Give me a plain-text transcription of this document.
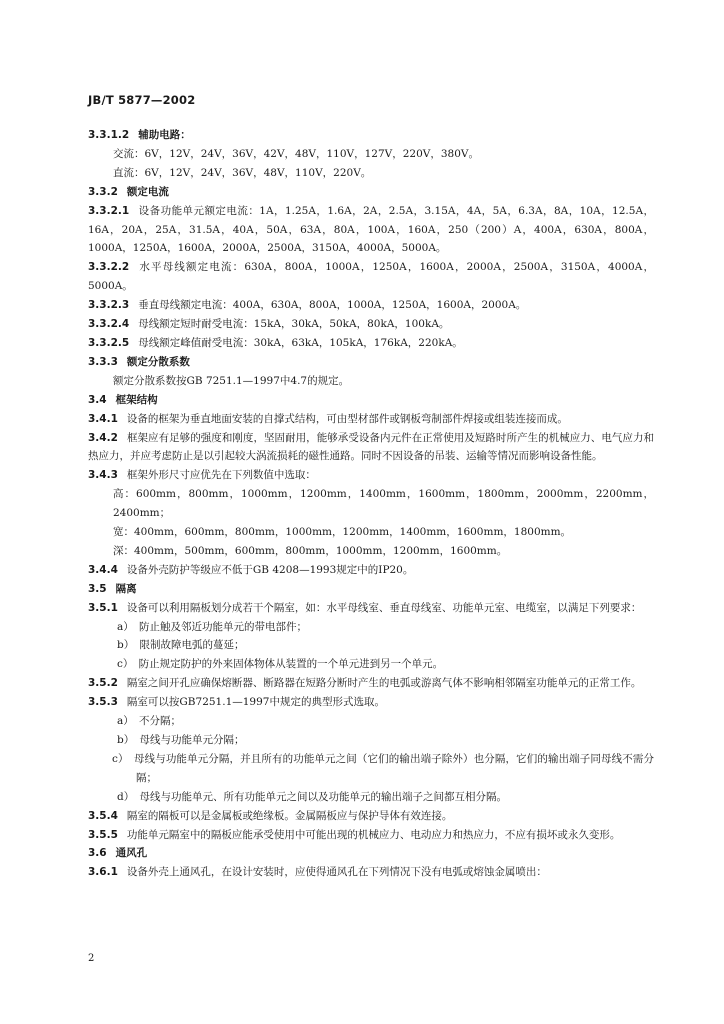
JB/T 5877—2002

3.3.1.2 辅助电路：

交流：6V，12V，24V，36V，42V，48V，110V，127V，220V，380V。

直流：6V，12V，24V，36V，48V，110V，220V。

3.3.2 额定电流

3.3.2.1 设备功能单元额定电流：1A，1.25A，1.6A，2A，2.5A，3.15A，4A，5A，6.3A，8A，10A，12.5A，16A，20A，25A，31.5A，40A，50A，63A，80A，100A，160A，250（200）A，400A，630A，800A，1000A，1250A，1600A，2000A，2500A，3150A，4000A，5000A。

3.3.2.2 水平母线额定电流：630A，800A，1000A，1250A，1600A，2000A，2500A，3150A，4000A，5000A。

3.3.2.3 垂直母线额定电流：400A，630A，800A，1000A，1250A，1600A，2000A。

3.3.2.4 母线额定短时耐受电流：15kA，30kA，50kA，80kA，100kA。

3.3.2.5 母线额定峰值耐受电流：30kA，63kA，105kA，176kA，220kA。

3.3.3 额定分散系数

额定分散系数按GB 7251.1—1997中4.7的规定。

3.4 框架结构

3.4.1 设备的框架为垂直地面安装的自撑式结构，可由型材部件或钢板弯制部件焊接或组装连接而成。

3.4.2 框架应有足够的强度和刚度，坚固耐用，能够承受设备内元件在正常使用及短路时所产生的机械应力、电气应力和热应力，并应考虑防止是以引起较大涡流损耗的磁性通路。同时不因设备的吊装、运输等情况而影响设备性能。

3.4.3 框架外形尺寸应优先在下列数值中选取：

高：600mm，800mm，1000mm，1200mm，1400mm，1600mm，1800mm，2000mm，2200mm，2400mm；

宽：400mm，600mm，800mm，1000mm，1200mm，1400mm，1600mm，1800mm。

深：400mm，500mm，600mm，800mm，1000mm，1200mm，1600mm。

3.4.4 设备外壳防护等级应不低于GB 4208—1993规定中的IP20。

3.5 隔离

3.5.1 设备可以利用隔板划分成若干个隔室，如：水平母线室、垂直母线室、功能单元室、电缆室，以满足下列要求：

a）　防止触及邻近功能单元的带电部件；

b）　限制故障电弧的蔓延；

c）　防止规定防护的外来固体物体从装置的一个单元进到另一个单元。

3.5.2 隔室之间开孔应确保熔断器、断路器在短路分断时产生的电弧或游离气体不影响相邻隔室功能单元的正常工作。

3.5.3 隔室可以按GB7251.1—1997中规定的典型形式选取。

a）　不分隔；

b）　母线与功能单元分隔；

c）　母线与功能单元分隔，并且所有的功能单元之间（它们的输出端子除外）也分隔，它们的输出端子同母线不需分隔；

d）　母线与功能单元、所有功能单元之间以及功能单元的输出端子之间都互相分隔。

3.5.4 隔室的隔板可以是金属板或绝缘板。金属隔板应与保护导体有效连接。

3.5.5 功能单元隔室中的隔板应能承受使用中可能出现的机械应力、电动应力和热应力，不应有损坏或永久变形。

3.6 通风孔

3.6.1 设备外壳上通风孔，在设计安装时，应使得通风孔在下列情况下没有电弧或熔蚀金属喷出：

2
